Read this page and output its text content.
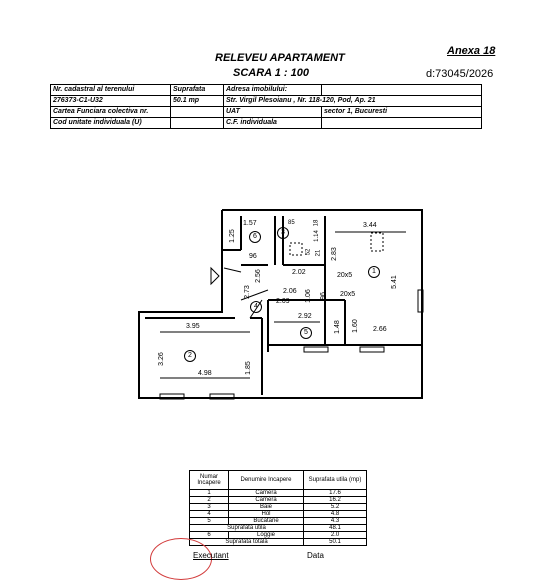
RELEVEU APARTAMENT
SCARA 1 : 100
Anexa 18
d:73045/2026
Nr. cadastral al terenului	Suprafata	Adresa imobilului:	
276373-C1-U32	50.1 mp	Str. Virgil Plesoianu , Nr. 118-120, Pod, Ap. 21	
Cartea Funciara colectiva nr.		UAT	sector 1, Bucuresti
Cod unitate individuala (U)		C.F. individuala	
1.57
1.25
85	18
96
1.14
52 21 2.83
3.44
5.41
2.02
2.56
2.73	2.06
2.09
96
1.06
20x5
20x5
2.92
1.48 1.60 2.66
3.95
3.26
4.98	1.85
1
2
3
4
5
6
Numar Incapere	Denumire Incapere	Suprafata utila (mp)
1	Camera	17.6
2	Camera	16.2
3	Baie	5.2
4	Hol	4.8
5	Bucatarie	4.3
Suprafata utila		48.1
6	Loggie	2.0
Suprafata totala		50.1
Executant	Data
